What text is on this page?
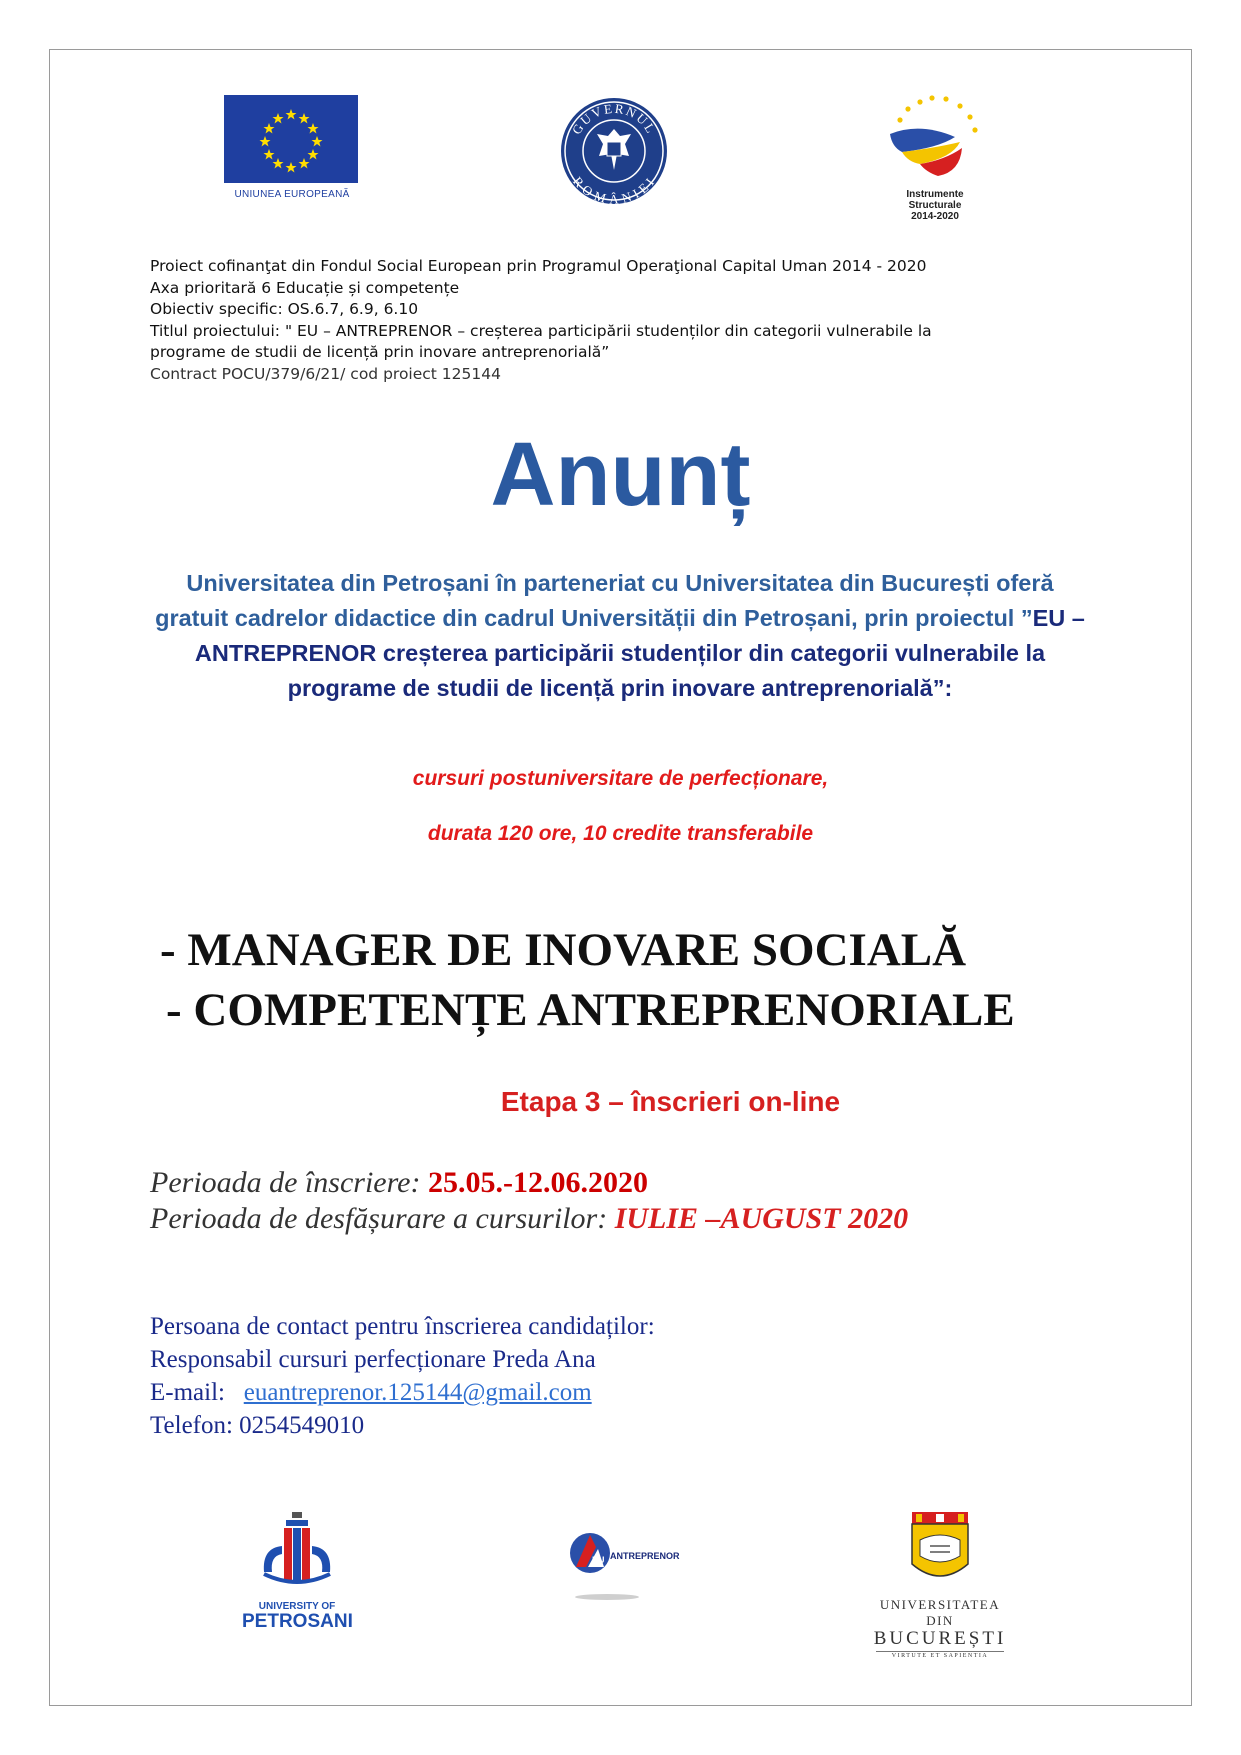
UNIUNEA EUROPEANĂ
GUVERNUL
ROMÂNIEI
Instrumente Structurale
2014-2020
Proiect cofinanţat din Fondul Social European prin Programul Operaţional Capital Uman 2014 - 2020
Axa prioritară 6 Educație și competențe
Obiectiv specific: OS.6.7, 6.9, 6.10
Titlul proiectului: " EU – ANTREPRENOR – creșterea participării studenților din categorii vulnerabile la
programe de studii de licență prin inovare antreprenorială”
Contract POCU/379/6/21/ cod proiect 125144
Anunț
Universitatea din Petroșani în parteneriat cu Universitatea din București oferă gratuit cadrelor didactice din cadrul Universității din Petroșani, prin proiectul ”EU – ANTREPRENOR creșterea participării studenților din categorii vulnerabile la programe de studii de licență prin inovare antreprenorială”:
cursuri postuniversitare de perfecționare,
durata 120 ore, 10 credite transferabile
- MANAGER DE INOVARE SOCIALĂ
- COMPETENȚE ANTREPRENORIALE
Etapa 3 – înscrieri on-line
Perioada de înscriere: 25.05.-12.06.2020
Perioada de desfășurare a cursurilor: IULIE –AUGUST 2020
Persoana de contact pentru înscrierea candidaților:
Responsabil cursuri perfecționare Preda Ana
E-mail:   euantreprenor.125144@gmail.com
Telefon: 0254549010
UNIVERSITY OF
PETROSANI
EU ANTREPRENOR
UNIVERSITATEA DIN
BUCUREȘTI
VIRTUTE ET SAPIENTIA
